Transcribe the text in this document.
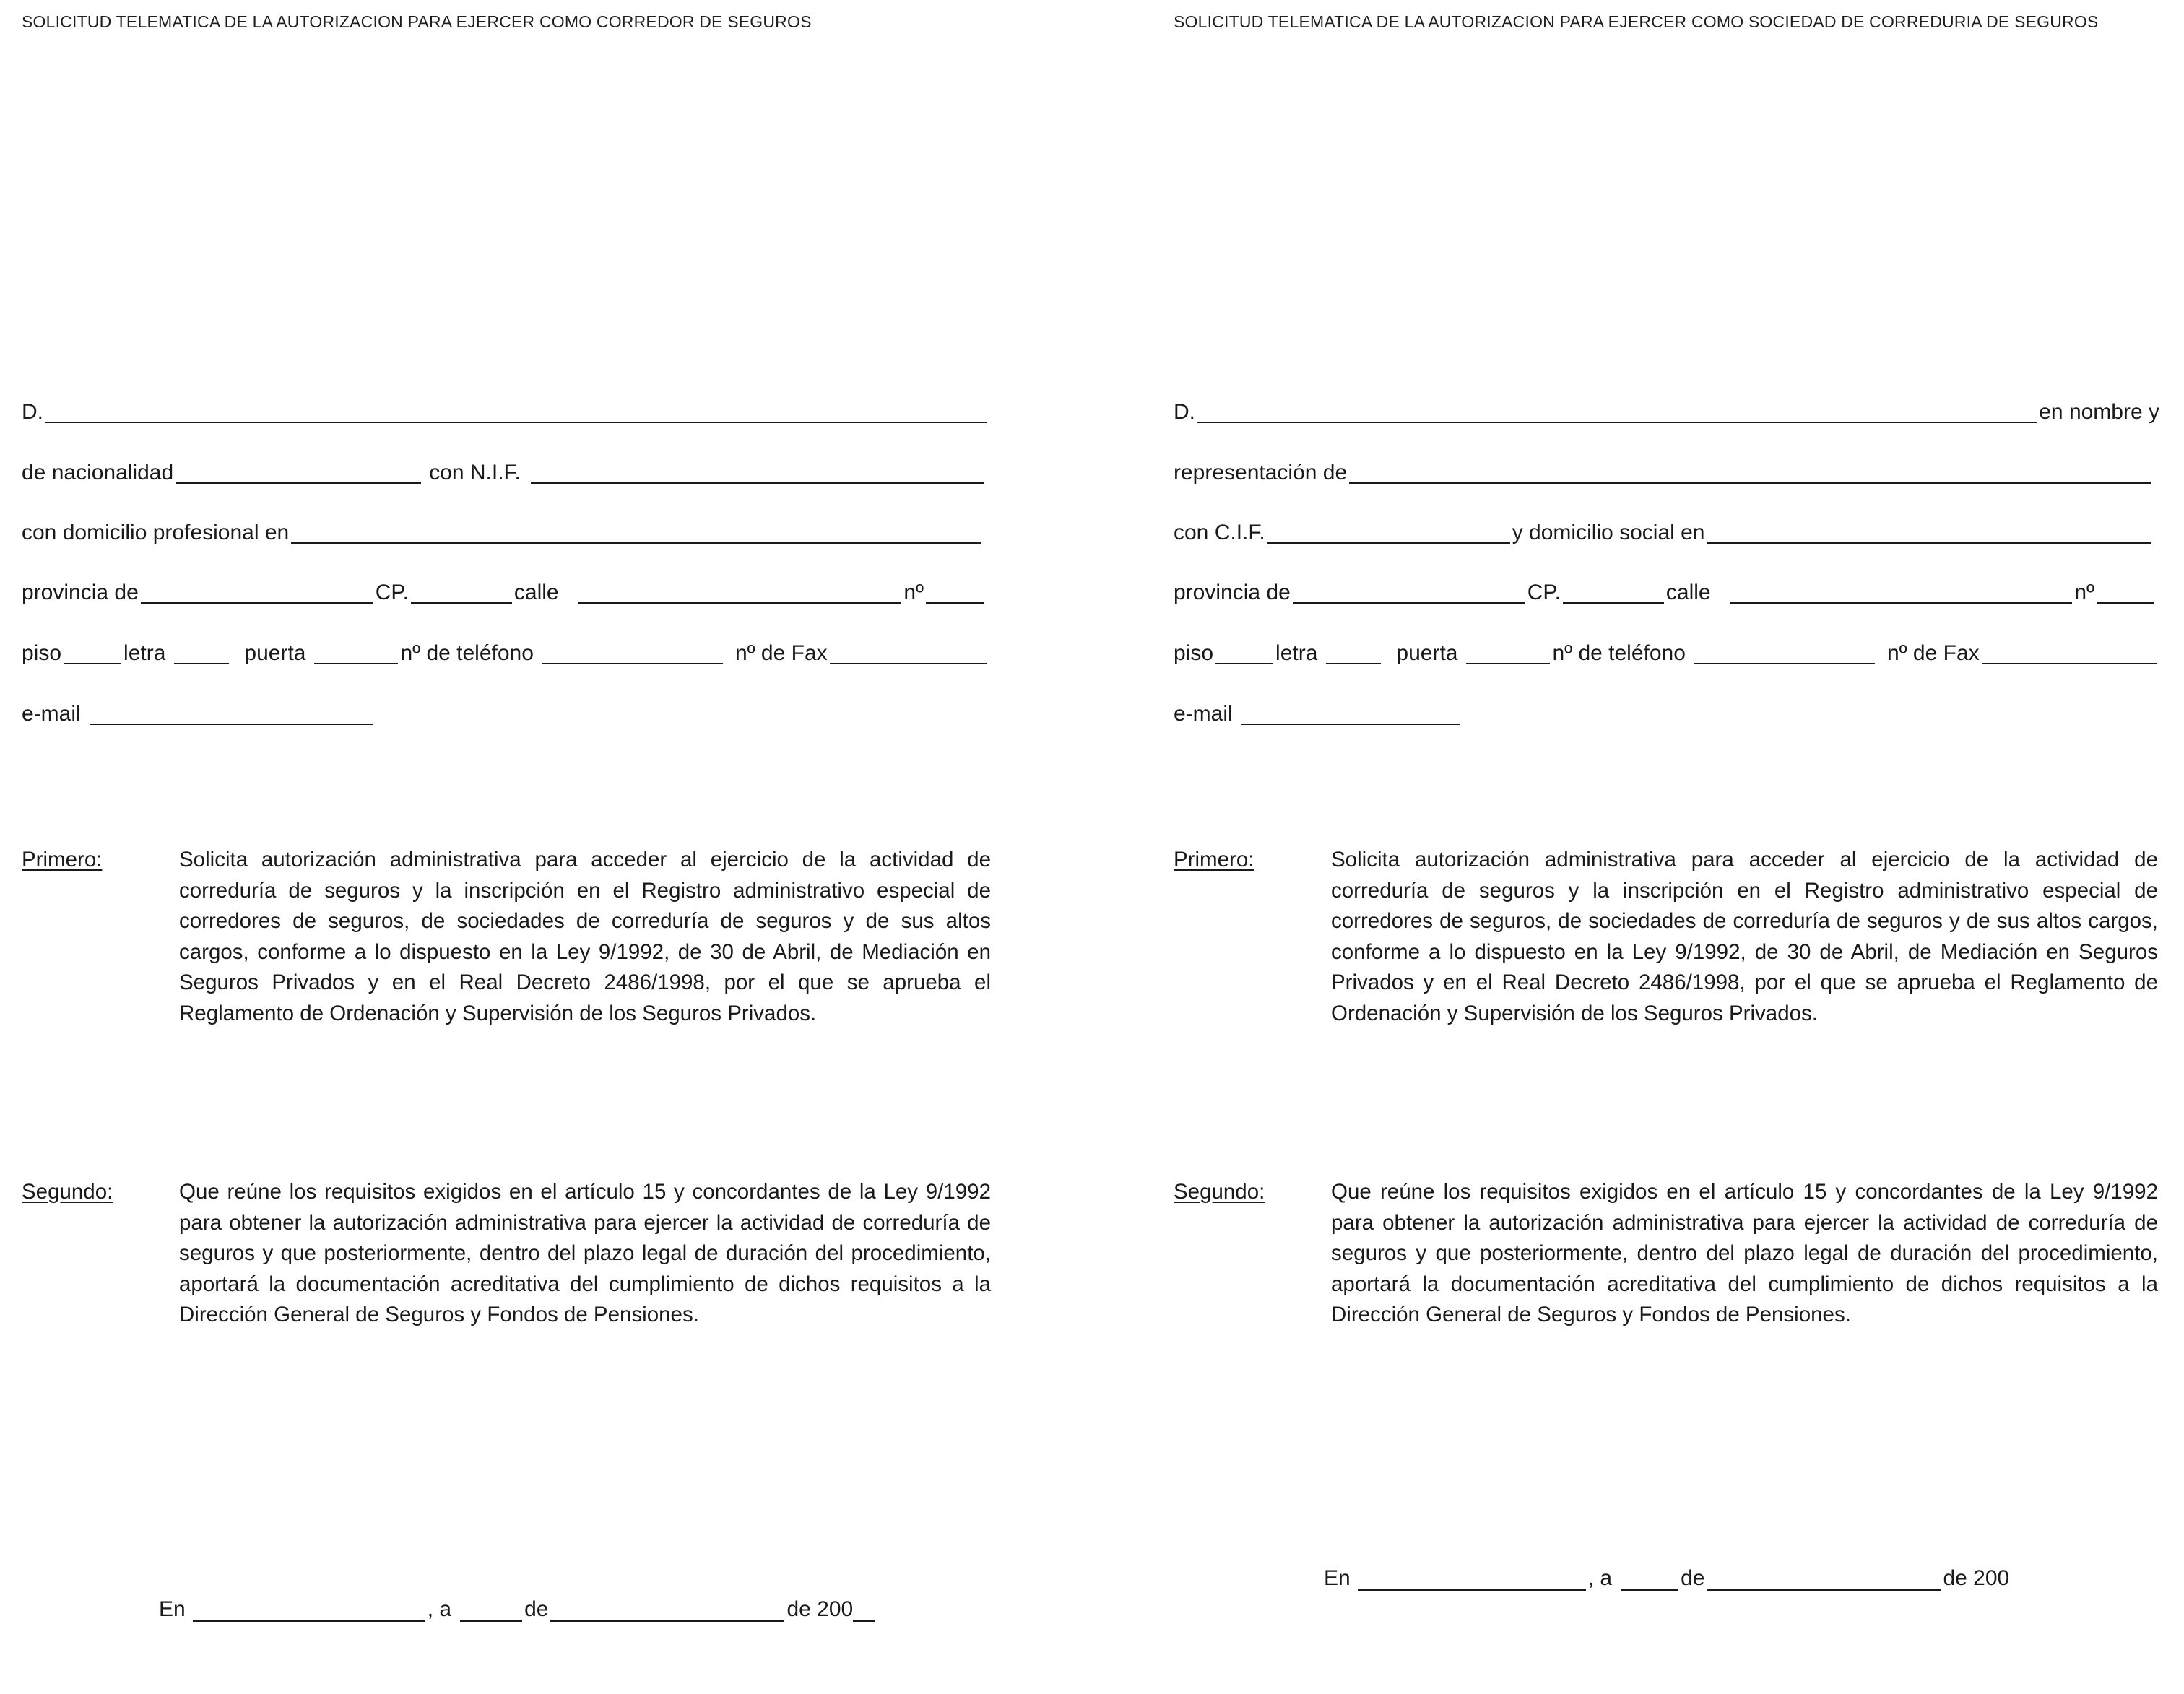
SOLICITUD TELEMATICA DE LA AUTORIZACION PARA EJERCER COMO CORREDOR DE SEGUROS
D.
de nacionalidad	con N.I.F.
con domicilio profesional en
provincia de	CP.	calle	nº
piso	letra	puerta	nº de teléfono	nº de Fax
e-mail
Primero:	Solicita autorización administrativa para acceder al ejercicio de la actividad de correduría de seguros y la inscripción en el Registro administrativo especial de corredores de seguros, de sociedades de correduría de seguros y de sus altos cargos, conforme a lo dispuesto en la Ley 9/1992, de 30 de Abril, de Mediación en Seguros Privados y en el Real Decreto 2486/1998, por el que se aprueba el Reglamento de Ordenación y Supervisión de los Seguros Privados.
Segundo:	Que reúne los requisitos exigidos en el artículo 15 y concordantes de la Ley 9/1992 para obtener la autorización administrativa para ejercer la actividad de correduría de seguros y que posteriormente, dentro del plazo legal de duración del procedimiento, aportará la documentación acreditativa del cumplimiento de dichos requisitos a la Dirección General de Seguros y Fondos de Pensiones.
En	, a	de	de 200
SOLICITUD TELEMATICA DE LA AUTORIZACION PARA EJERCER COMO SOCIEDAD DE CORREDURIA DE SEGUROS
D.	en nombre y
representación de
con C.I.F.	y domicilio social en
provincia de	CP.	calle	nº
piso	letra	puerta	nº de teléfono	nº de Fax
e-mail
Primero:	Solicita autorización administrativa para acceder al ejercicio de la actividad de correduría de seguros y la inscripción en el Registro administrativo especial de corredores de seguros, de sociedades de correduría de seguros y de sus altos cargos, conforme a lo dispuesto en la Ley 9/1992, de 30 de Abril, de Mediación en Seguros Privados y en el Real Decreto 2486/1998, por el que se aprueba el Reglamento de Ordenación y Supervisión de los Seguros Privados.
Segundo:	Que reúne los requisitos exigidos en el artículo 15 y concordantes de la Ley 9/1992 para obtener la autorización administrativa para ejercer la actividad de correduría de seguros y que posteriormente, dentro del plazo legal de duración del procedimiento, aportará la documentación acreditativa del cumplimiento de dichos requisitos a la Dirección General de Seguros y Fondos de Pensiones.
En	, a	de	de 200
